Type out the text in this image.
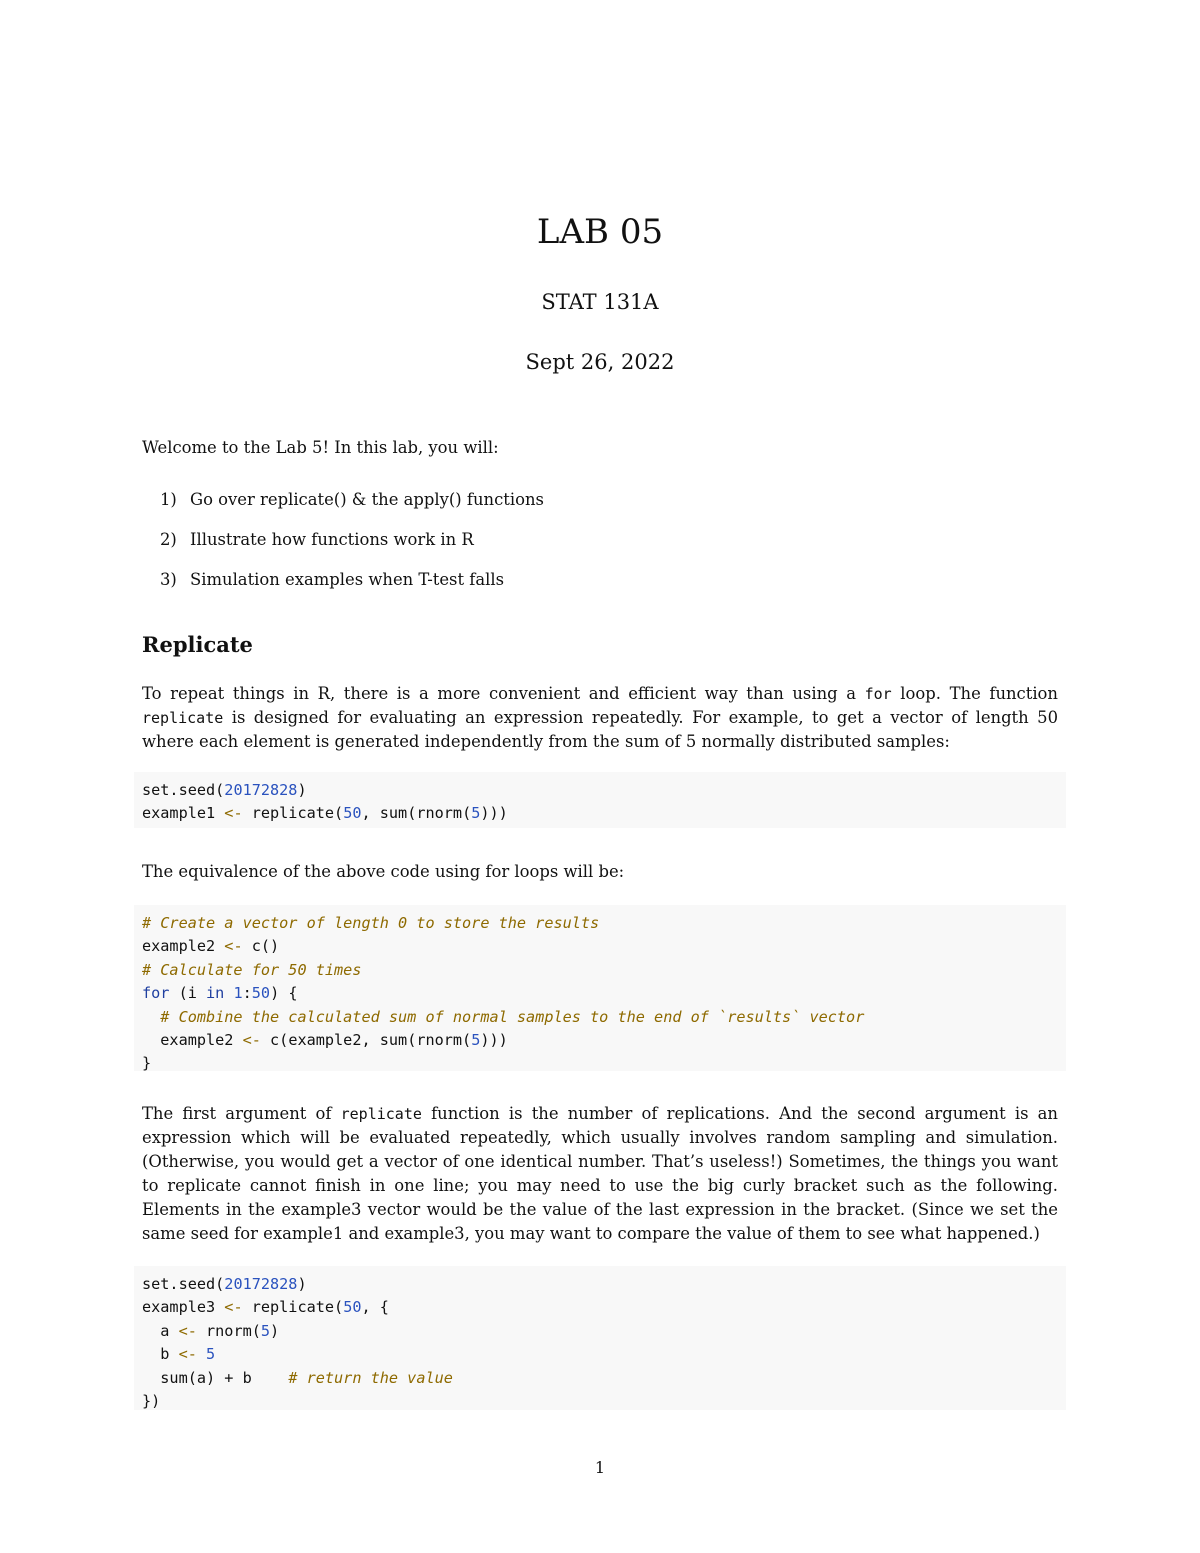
LAB 05
STAT 131A
Sept 26, 2022
Welcome to the Lab 5! In this lab, you will:
1) Go over replicate() & the apply() functions
2) Illustrate how functions work in R
3) Simulation examples when T-test falls
Replicate
To repeat things in R, there is a more convenient and efficient way than using a for loop. The function replicate is designed for evaluating an expression repeatedly. For example, to get a vector of length 50 where each element is generated independently from the sum of 5 normally distributed samples:
set.seed(20172828)
example1 <- replicate(50, sum(rnorm(5)))
The equivalence of the above code using for loops will be:
# Create a vector of length 0 to store the results
example2 <- c()
# Calculate for 50 times
for (i in 1:50) {
# Combine the calculated sum of normal samples to the end of `results` vector
example2 <- c(example2, sum(rnorm(5)))
}
The first argument of replicate function is the number of replications. And the second argument is an expression which will be evaluated repeatedly, which usually involves random sampling and simulation. (Otherwise, you would get a vector of one identical number. That’s useless!) Sometimes, the things you want to replicate cannot finish in one line; you may need to use the big curly bracket such as the following. Elements in the example3 vector would be the value of the last expression in the bracket. (Since we set the same seed for example1 and example3, you may want to compare the value of them to see what happened.)
set.seed(20172828)
example3 <- replicate(50, {
a <- rnorm(5)
b <- 5
sum(a) + b    # return the value
})
1
